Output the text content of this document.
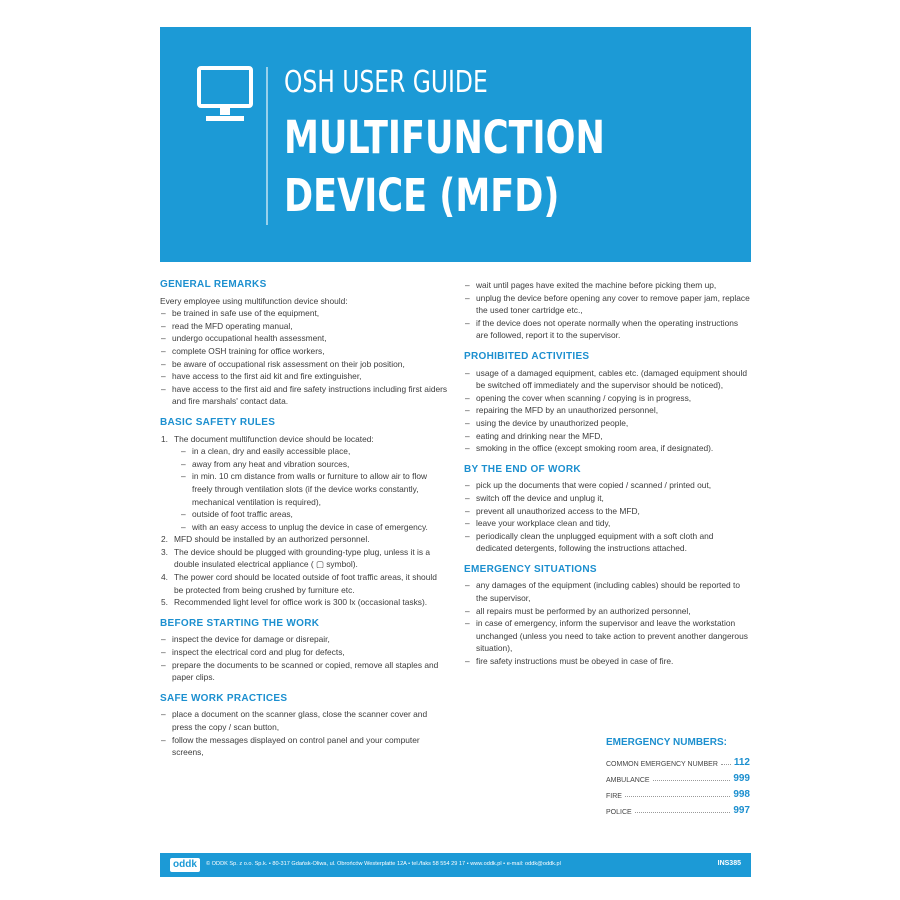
OSH USER GUIDE
MULTIFUNCTION
DEVICE (MFD)
GENERAL REMARKS

Every employee using multifunction device should:

– be trained in safe use of the equipment,
– read the MFD operating manual,
– undergo occupational health assessment,
– complete OSH training for office workers,
– be aware of occupational risk assessment on their job position,
– have access to the first aid kit and fire extinguisher,
– have access to the first aid and fire safety instructions including first aiders and fire marshals' contact data.
BASIC SAFETY RULES
1. The document multifunction device should be located:
– in a clean, dry and easily accessible place,
– away from any heat and vibration sources,
– in min. 10 cm distance from walls or furniture to allow air to flow freely through ventilation slots (if the device works constantly, mechanical ventilation is required),
– outside of foot traffic areas,
– with an easy access to unplug the device in case of emergency.
2. MFD should be installed by an authorized personnel.
3. The device should be plugged with grounding-type plug, unless it is a double insulated electrical appliance ( ▢ symbol).
4. The power cord should be located outside of foot traffic areas, it should be protected from being crushed by furniture etc.
5. Recommended light level for office work is 300 lx (occasional tasks).
BEFORE STARTING THE WORK
– inspect the device for damage or disrepair,
– inspect the electrical cord and plug for defects,
– prepare the documents to be scanned or copied, remove all staples and paper clips.
SAFE WORK PRACTICES
– place a document on the scanner glass, close the scanner cover and press the copy / scan button,
– follow the messages displayed on control panel and your computer screens,
– wait until pages have exited the machine before picking them up,
– unplug the device before opening any cover to remove paper jam, replace the used toner cartridge etc.,
– if the device does not operate normally when the operating instructions are followed, report it to the supervisor.
PROHIBITED ACTIVITIES
– usage of a damaged equipment, cables etc. (damaged equipment should be switched off immediately and the supervisor should be noticed),
– opening the cover when scanning / copying is in progress,
– repairing the MFD by an unauthorized personnel,
– using the device by unauthorized people,
– eating and drinking near the MFD,
– smoking in the office (except smoking room area, if designated).
BY THE END OF WORK
– pick up the documents that were copied / scanned / printed out,
– switch off the device and unplug it,
– prevent all unauthorized access to the MFD,
– leave your workplace clean and tidy,
– periodically clean the unplugged equipment with a soft cloth and dedicated detergents, following the instructions attached.
EMERGENCY SITUATIONS
– any damages of the equipment (including cables) should be reported to the supervisor,
– all repairs must be performed by an authorized personnel,
– in case of emergency, inform the supervisor and leave the workstation unchanged (unless you need to take action to prevent another dangerous situation),
– fire safety instructions must be obeyed in case of fire.
EMERGENCY NUMBERS:
COMMON EMERGENCY NUMBER 112
AMBULANCE	999
FIRE	998
POLICE	997
oddk	© ODDK Sp. z o.o. Sp.k. • 80-317 Gdańsk-Oliwa, ul. Obrońców Westerplatte 12A • tel./faks 58 554 29 17 • www.oddk.pl • e-mail: oddk@oddk.pl	INS385
